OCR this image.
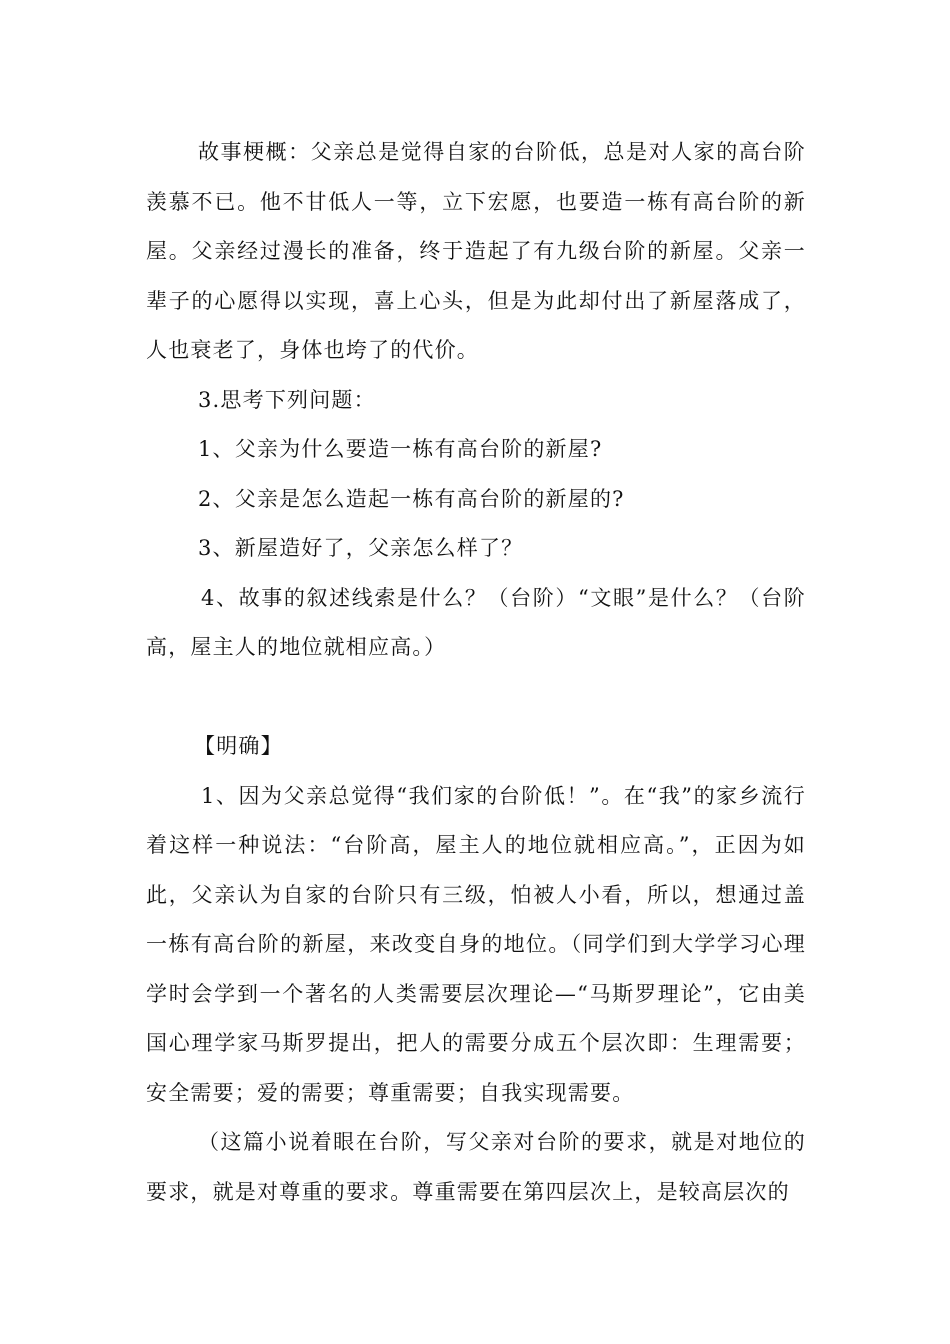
故事梗概：父亲总是觉得自家的台阶低，总是对人家的高台阶羡慕不已。他不甘低人一等，立下宏愿，也要造一栋有高台阶的新屋。父亲经过漫长的准备，终于造起了有九级台阶的新屋。父亲一辈子的心愿得以实现，喜上心头，但是为此却付出了新屋落成了，人也衰老了，身体也垮了的代价。

3.思考下列问题：

1、父亲为什么要造一栋有高台阶的新屋?

2、父亲是怎么造起一栋有高台阶的新屋的?

3、新屋造好了，父亲怎么样了？

4、故事的叙述线索是什么？（台阶）“文眼”是什么？（台阶高，屋主人的地位就相应高。）

【明确】

1、因为父亲总觉得“我们家的台阶低！”。在“我”的家乡流行着这样一种说法：“台阶高，屋主人的地位就相应高。”，正因为如此，父亲认为自家的台阶只有三级，怕被人小看，所以，想通过盖一栋有高台阶的新屋，来改变自身的地位。（同学们到大学学习心理学时会学到一个著名的人类需要层次理论—“马斯罗理论”，它由美国心理学家马斯罗提出，把人的需要分成五个层次即：生理需要；安全需要；爱的需要；尊重需要；自我实现需要。

（这篇小说着眼在台阶，写父亲对台阶的要求，就是对地位的要求，就是对尊重的要求。尊重需要在第四层次上，是较高层次的
